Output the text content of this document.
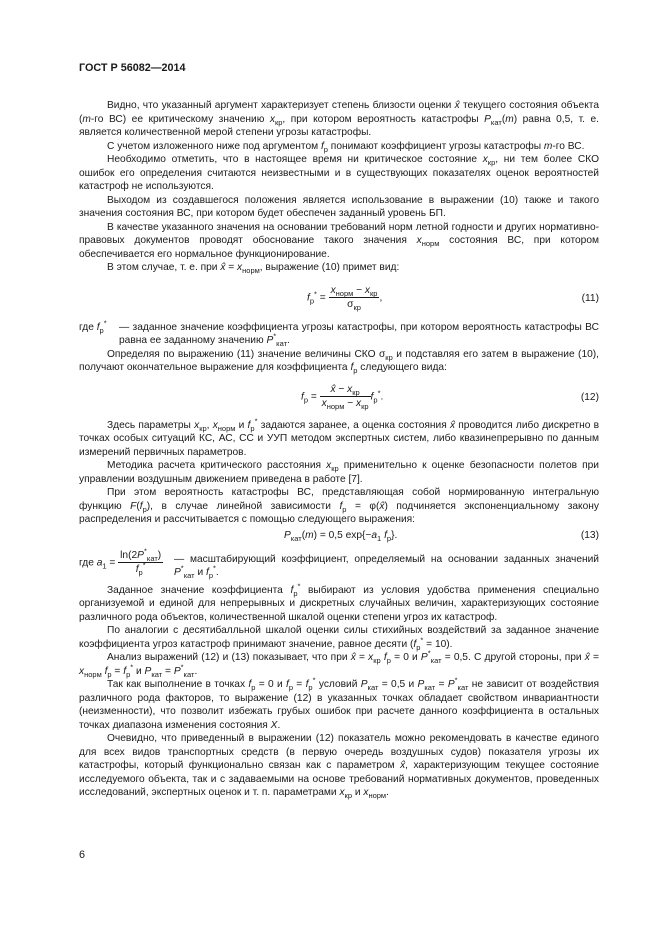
ГОСТ Р 56082—2014

Видно, что указанный аргумент характеризует степень близости оценки x̂ текущего состояния объекта (m-го ВС) ее критическому значению $x_{кр}$, при котором вероятность катастрофы $P_{кат}(m)$ равна 0,5, т. е. является количественной мерой степени угрозы катастрофы.

С учетом изложенного ниже под аргументом $f_p$ понимают коэффициент угрозы катастрофы m-го ВС.

Необходимо отметить, что в настоящее время ни критическое состояние $x_{кр}$, ни тем более СКО ошибок его определения считаются неизвестными и в существующих показателях оценок вероятностей катастроф не используются.

Выходом из создавшегося положения является использование в выражении (10) также и такого значения состояния ВС, при котором будет обеспечен заданный уровень БП.

В качестве указанного значения на основании требований норм летной годности и других нормативно-правовых документов проводят обоснование такого значения $x_{норм}$ состояния ВС, при котором обеспечивается его нормальное функционирование.

В этом случае, т. е. при x̂ = $x_{норм}$, выражение (10) примет вид:

$f_p^* = \frac{x_{норм} - x_{кр}}{\sigma_{кр}}$ ,	(11)
где $f_p^*$ — заданное значение коэффициента угрозы катастрофы, при котором вероятность катастрофы ВС равна ее заданному значению $P^*_{кат}$.

Определяя по выражению (11) значение величины СКО $\sigma_{кр}$ и подставляя его затем в выражение (10), получают окончательное выражение для коэффициента $f_p$ следующего вида:

$f_p = \frac{x̂ - x_{кр}}{x_{норм} - x_{кр}} f_p^*$.	(12)

Здесь параметры $x_{кр}$, $x_{норм}$ и $f_p^*$ задаются заранее, а оценка состояния x̂ проводится либо дискретно в точках особых ситуаций КС, АС, СС и УУП методом экспертных систем, либо квазинепрерывно по данным измерений первичных параметров.

Методика расчета критического расстояния $x_{кр}$ применительно к оценке безопасности полетов при управлении воздушным движением приведена в работе [7].

При этом вероятность катастрофы ВС, представляющая собой нормированную интегральную функцию $F(f_p)$, в случае линейной зависимости $f_p$ = φ(x̂) подчиняется экспоненциальному закону распределения и рассчитывается с помощью следующего выражения:

$P_{кат}(m) = 0,5$ $\exp\{-a_1$ $f_p$}.	(13)
где $a_1 = \frac{\ln(2P^*_{кат})}{f_p^*}$ — масштабирующий коэффициент, определяемый на основании заданных значений $P^*_{кат}$ и $f_p^*$.

Заданное значение коэффициента $f_p^*$ выбирают из условия удобства применения специально организуемой и единой для непрерывных и дискретных случайных величин, характеризующих состояние различного рода объектов, количественной шкалой оценки степени угроз их катастроф.

По аналогии с десятибалльной шкалой оценки силы стихийных воздействий за заданное значение коэффициента угроз катастроф принимают значение, равное десяти $(f_p^* = 10)$.

Анализ выражений (12) и (13) показывает, что при x̂ = $x_{кр}$ $f_p = 0$ и $P^*_{кат} = 0,5$. С другой стороны, при x̂ = $x_{норм}$ $f_p = f_p^*$ и $P_{кат} = P^*_{кат}$.

Так как выполнение в точках $f_p = 0$ и $f_p = f_p^*$ условий $P_{кат} = 0,5$ и $P_{кат} = P^*_{кат}$ не зависит от воздействия различного рода факторов, то выражение (12) в указанных точках обладает свойством инвариантности (неизменности), что позволит избежать грубых ошибок при расчете данного коэффициента в остальных точках диапазона изменения состояния X.

Очевидно, что приведенный в выражении (12) показатель можно рекомендовать в качестве единого для всех видов транспортных средств (в первую очередь воздушных судов) показателя угрозы их катастрофы, который функционально связан как с параметром x̂, характеризующим текущее состояние исследуемого объекта, так и с задаваемыми на основе требований нормативных документов, проведенных исследований, экспертных оценок и т. п. параметрами $x_{кр}$ и $x_{норм}$.

6
